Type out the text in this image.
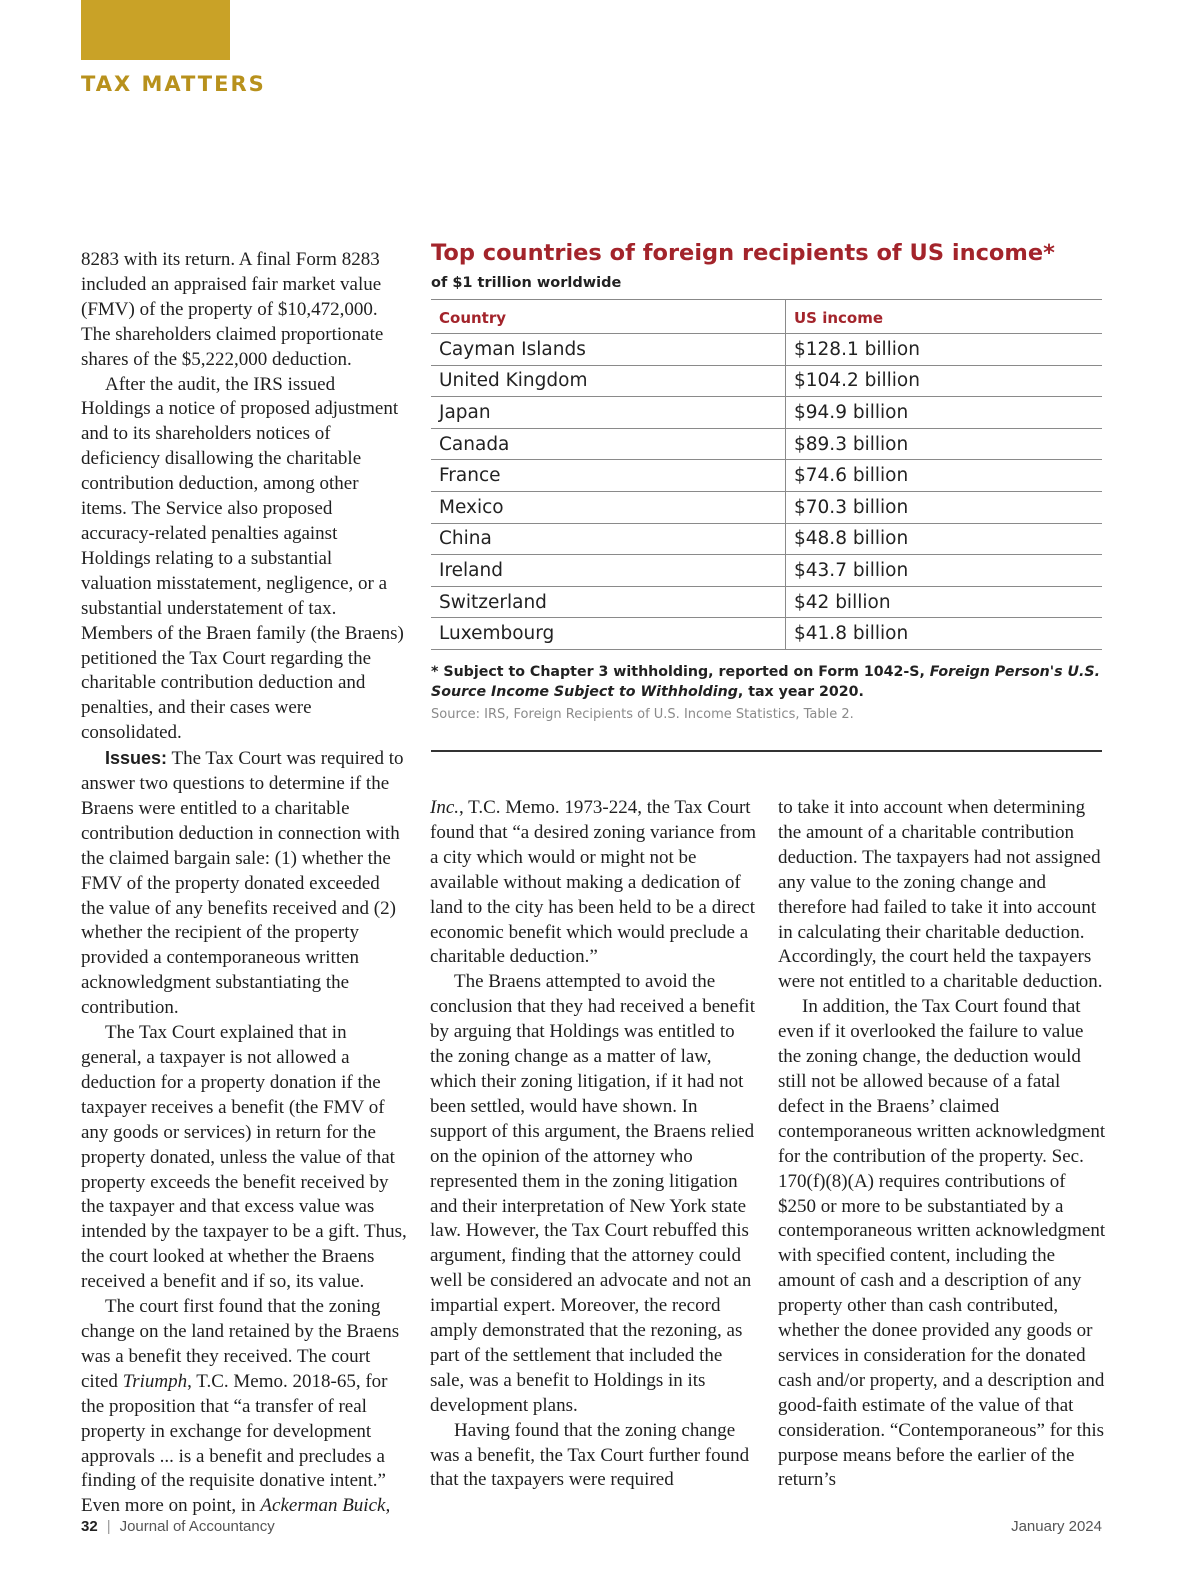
TAX MATTERS

8283 with its return. A final Form 8283 included an appraised fair market value (FMV) of the property of $10,472,000. The shareholders claimed proportionate shares of the $5,222,000 deduction.

After the audit, the IRS issued Holdings a notice of proposed adjustment and to its shareholders notices of deficiency disallowing the charitable contribution deduction, among other items. The Service also proposed accuracy-related penalties against Holdings relating to a substantial valuation misstatement, negligence, or a substantial understatement of tax. Members of the Braen family (the Braens) petitioned the Tax Court regarding the charitable contribution deduction and penalties, and their cases were consolidated.

Issues: The Tax Court was required to answer two questions to determine if the Braens were entitled to a charitable contribution deduction in connection with the claimed bargain sale: (1) whether the FMV of the property donated exceeded the value of any benefits received and (2) whether the recipient of the property provided a contemporaneous written acknowledgment substantiating the contribution.

The Tax Court explained that in general, a taxpayer is not allowed a deduction for a property donation if the taxpayer receives a benefit (the FMV of any goods or services) in return for the property donated, unless the value of that property exceeds the benefit received by the taxpayer and that excess value was intended by the taxpayer to be a gift. Thus, the court looked at whether the Braens received a benefit and if so, its value.

The court first found that the zoning change on the land retained by the Braens was a benefit they received. The court cited Triumph, T.C. Memo. 2018-65, for the proposition that “a transfer of real property in exchange for development approvals ... is a benefit and precludes a finding of the requisite donative intent.” Even more on point, in Ackerman Buick,

Top countries of foreign recipients of US income*
of $1 trillion worldwide
Country	US income
Cayman Islands	$128.1 billion
United Kingdom	$104.2 billion
Japan	$94.9 billion
Canada	$89.3 billion
France	$74.6 billion
Mexico	$70.3 billion
China	$48.8 billion
Ireland	$43.7 billion
Switzerland	$42 billion
Luxembourg	$41.8 billion
* Subject to Chapter 3 withholding, reported on Form 1042-S, Foreign Person's U.S. Source Income Subject to Withholding, tax year 2020.
Source: IRS, Foreign Recipients of U.S. Income Statistics, Table 2.

Inc., T.C. Memo. 1973-224, the Tax Court found that “a desired zoning variance from a city which would or might not be available without making a dedication of land to the city has been held to be a direct economic benefit which would preclude a charitable deduction.”

The Braens attempted to avoid the conclusion that they had received a benefit by arguing that Holdings was entitled to the zoning change as a matter of law, which their zoning litigation, if it had not been settled, would have shown. In support of this argument, the Braens relied on the opinion of the attorney who represented them in the zoning litigation and their interpretation of New York state law. However, the Tax Court rebuffed this argument, finding that the attorney could well be considered an advocate and not an impartial expert. Moreover, the record amply demonstrated that the rezoning, as part of the settlement that included the sale, was a benefit to Holdings in its development plans.

Having found that the zoning change was a benefit, the Tax Court further found that the taxpayers were required

to take it into account when determining the amount of a charitable contribution deduction. The taxpayers had not assigned any value to the zoning change and therefore had failed to take it into account in calculating their charitable deduction. Accordingly, the court held the taxpayers were not entitled to a charitable deduction.

In addition, the Tax Court found that even if it overlooked the failure to value the zoning change, the deduction would still not be allowed because of a fatal defect in the Braens’ claimed contemporaneous written acknowledgment for the contribution of the property. Sec. 170(f)(8)(A) requires contributions of $250 or more to be substantiated by a contemporaneous written acknowledgment with specified content, including the amount of cash and a description of any property other than cash contributed, whether the donee provided any goods or services in consideration for the donated cash and/or property, and a description and good-faith estimate of the value of that consideration. “Contemporaneous” for this purpose means before the earlier of the return’s

32 | Journal of Accountancy	January 2024
